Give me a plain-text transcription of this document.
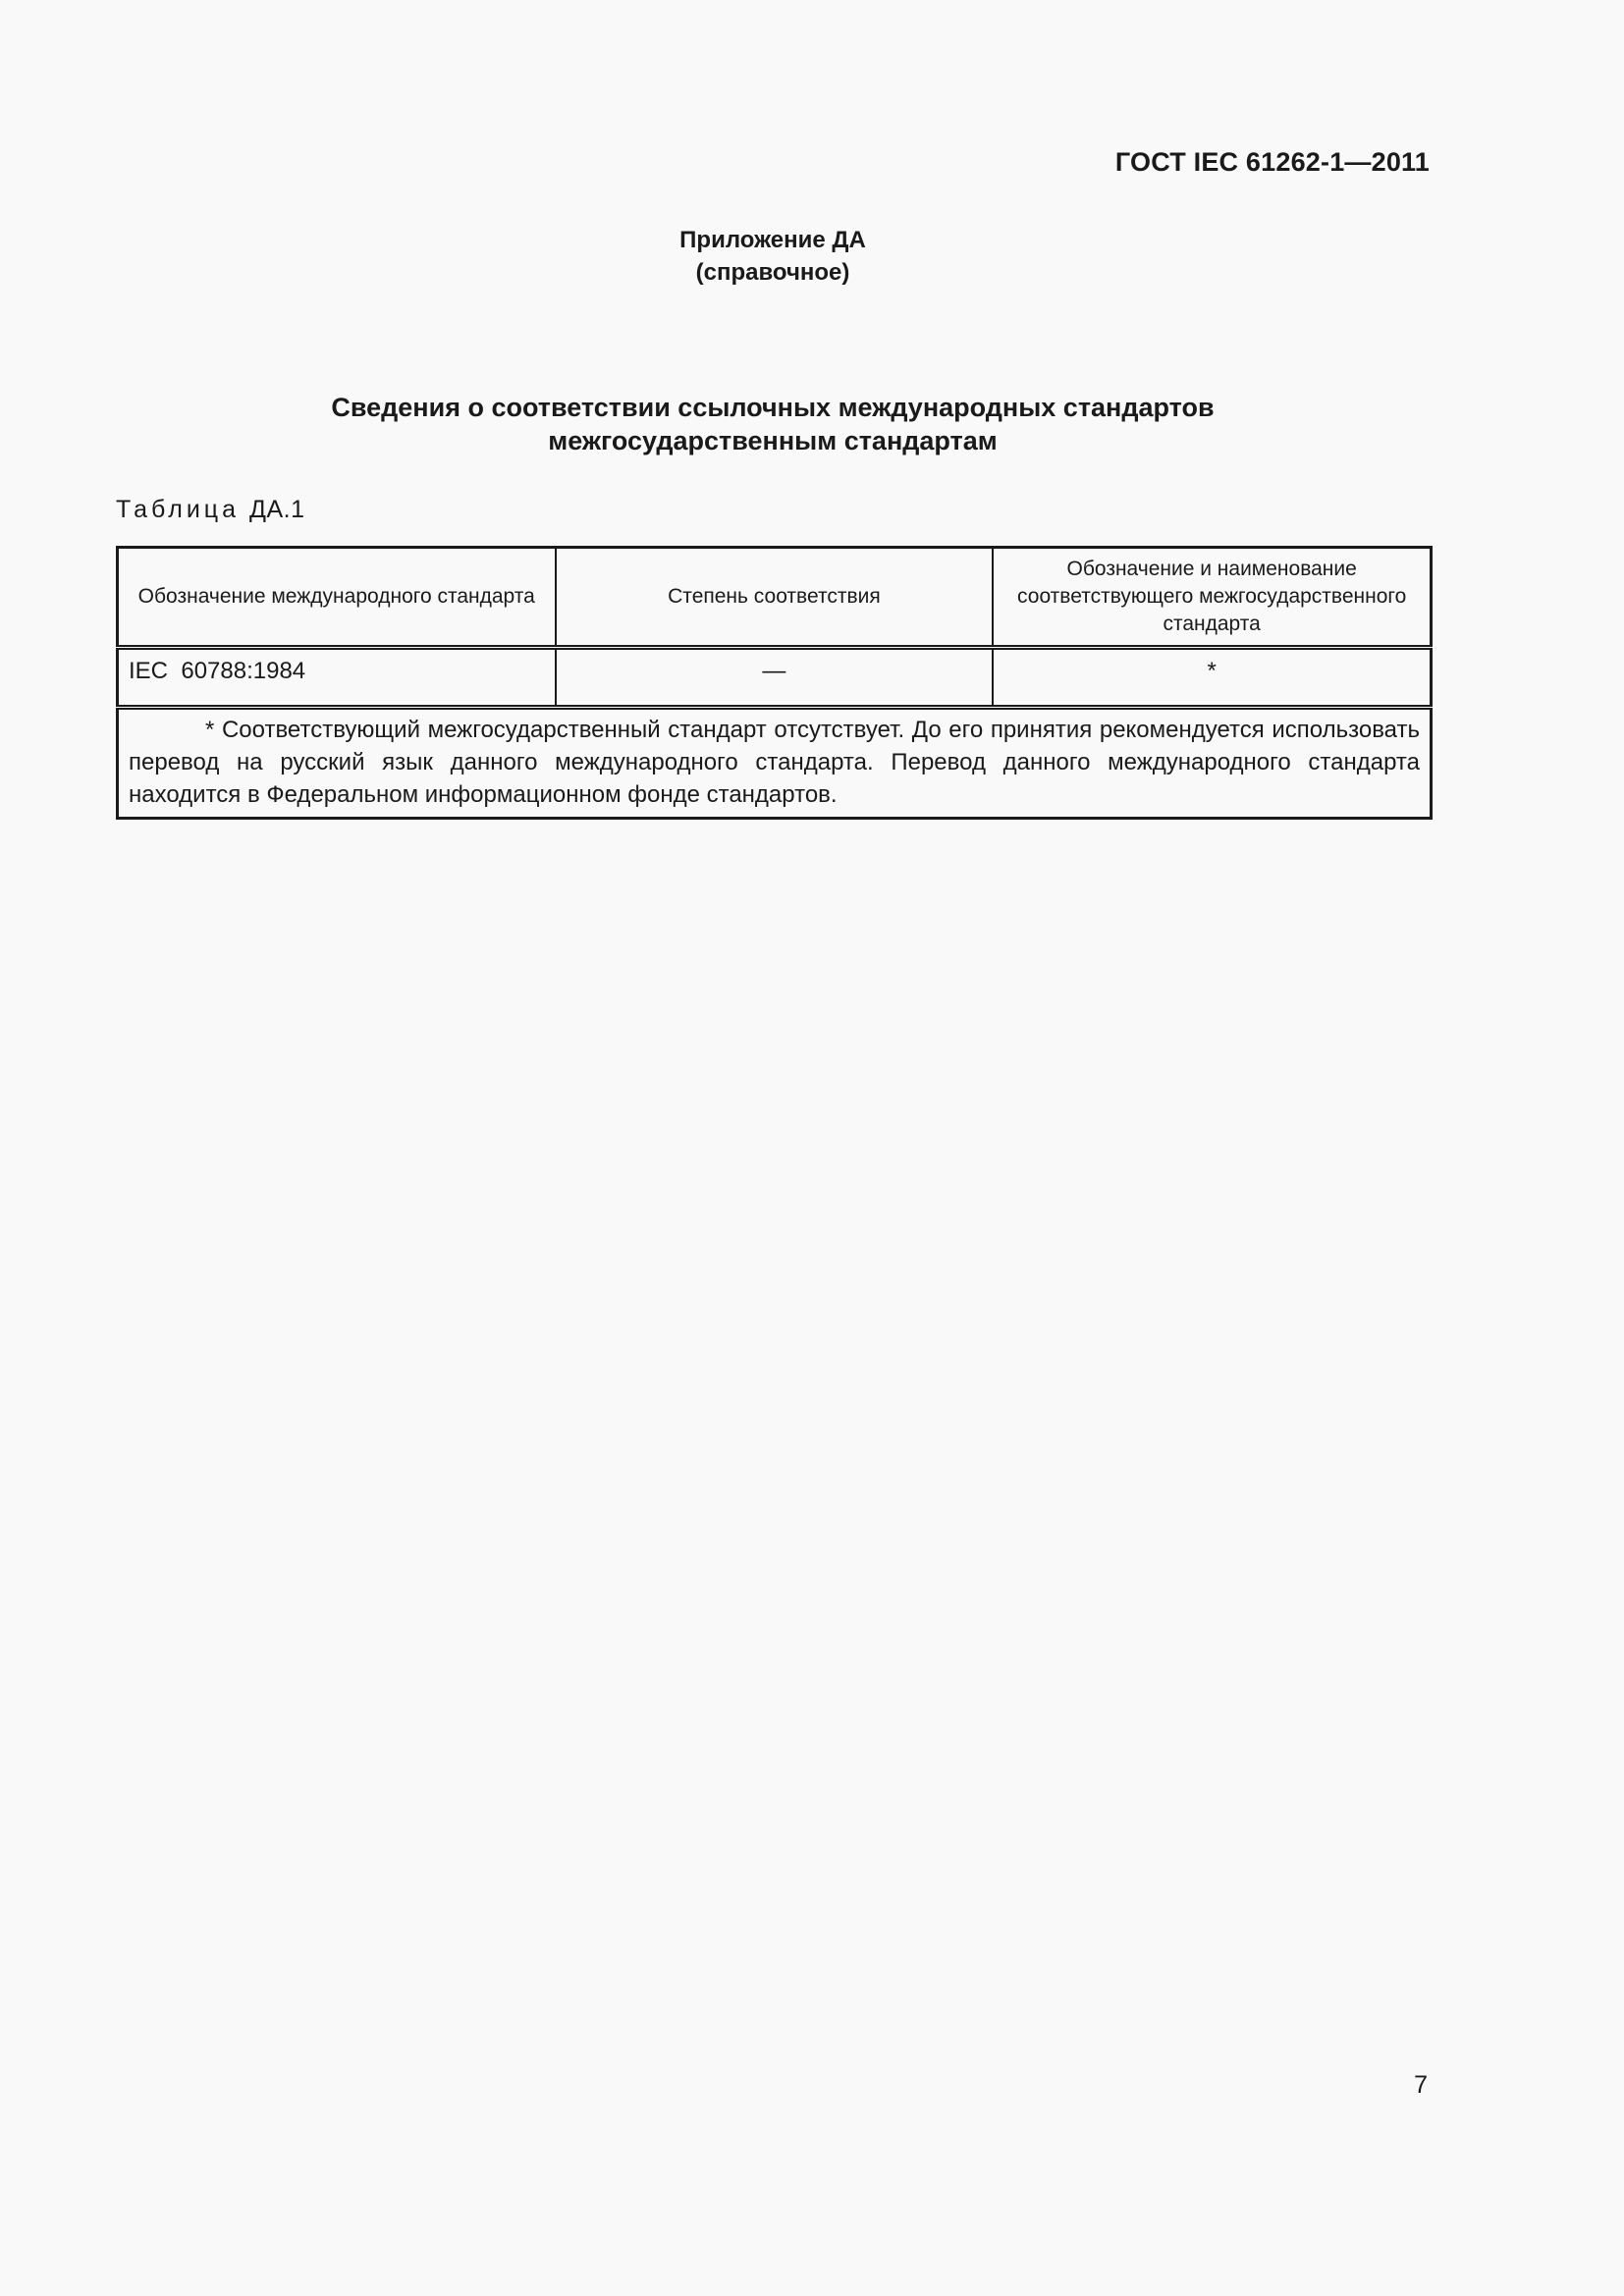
ГОСТ IEC 61262-1—2011
Приложение ДА
(справочное)
Сведения о соответствии ссылочных международных стандартов
межгосударственным стандартам
Таблица ДА.1
Обозначение международного стандарта	Степень соответствия	Обозначение и наименование соответствующего межгосударственного стандарта
IEC  60788:1984	—	*

* Соответствующий межгосударственный стандарт отсутствует. До его принятия рекомендуется использовать перевод на русский язык данного международного стандарта. Перевод данного международного стандарта находится в Федеральном информационном фонде стандартов.		
7
